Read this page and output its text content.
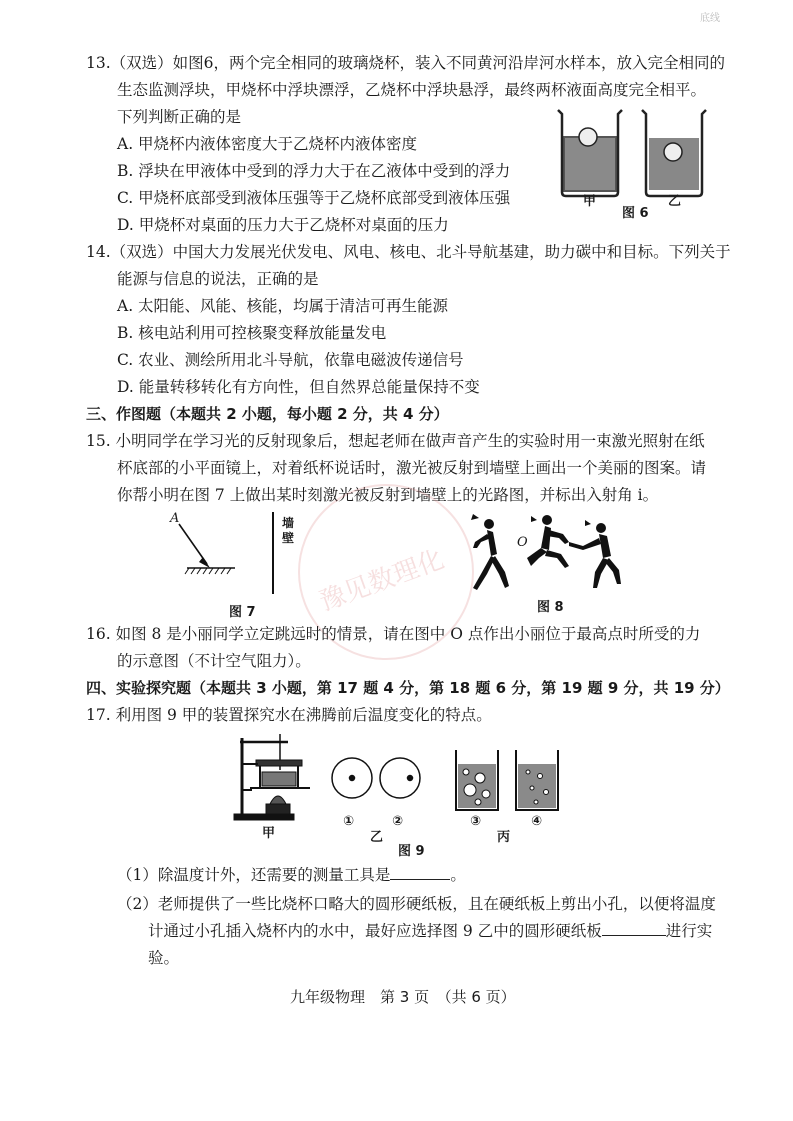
底线
13.（双选）如图6，两个完全相同的玻璃烧杯，装入不同黄河沿岸河水样本，放入完全相同的
生态监测浮块，甲烧杯中浮块漂浮，乙烧杯中浮块悬浮，最终两杯液面高度完全相平。
下列判断正确的是
A. 甲烧杯内液体密度大于乙烧杯内液体密度
B. 浮块在甲液体中受到的浮力大于在乙液体中受到的浮力
C. 甲烧杯底部受到液体压强等于乙烧杯底部受到液体压强
D. 甲烧杯对桌面的压力大于乙烧杯对桌面的压力
甲
图 6
乙
14.（双选）中国大力发展光伏发电、风电、核电、北斗导航基建，助力碳中和目标。下列关于
能源与信息的说法，正确的是
A. 太阳能、风能、核能，均属于清洁可再生能源
B. 核电站利用可控核聚变释放能量发电
C. 农业、测绘所用北斗导航，依靠电磁波传递信号
D. 能量转移转化有方向性，但自然界总能量保持不变
三、作图题（本题共 2 小题，每小题 2 分，共 4 分）
15. 小明同学在学习光的反射现象后，想起老师在做声音产生的实验时用一束激光照射在纸
杯底部的小平面镜上，对着纸杯说话时，激光被反射到墙壁上画出一个美丽的图案。请
你帮小明在图 7 上做出某时刻激光被反射到墙壁上的光路图，并标出入射角 i。
豫见数理化
A	墙壁
图 7
O
图 8
16. 如图 8 是小丽同学立定跳远时的情景，请在图中 O 点作出小丽位于最高点时所受的力
的示意图（不计空气阻力）。
四、实验探究题（本题共 3 小题，第 17 题 4 分，第 18 题 6 分，第 19 题 9 分，共 19 分）
17. 利用图 9 甲的装置探究水在沸腾前后温度变化的特点。
甲
①	②
乙
③	④
丙
图 9
（1）除温度计外，还需要的测量工具是	。
（2）老师提供了一些比烧杯口略大的圆形硬纸板，且在硬纸板上剪出小孔，以便将温度
计通过小孔插入烧杯内的水中，最好应选择图 9 乙中的圆形硬纸板	进行实
验。
九年级物理　第 3 页　（共 6 页）
